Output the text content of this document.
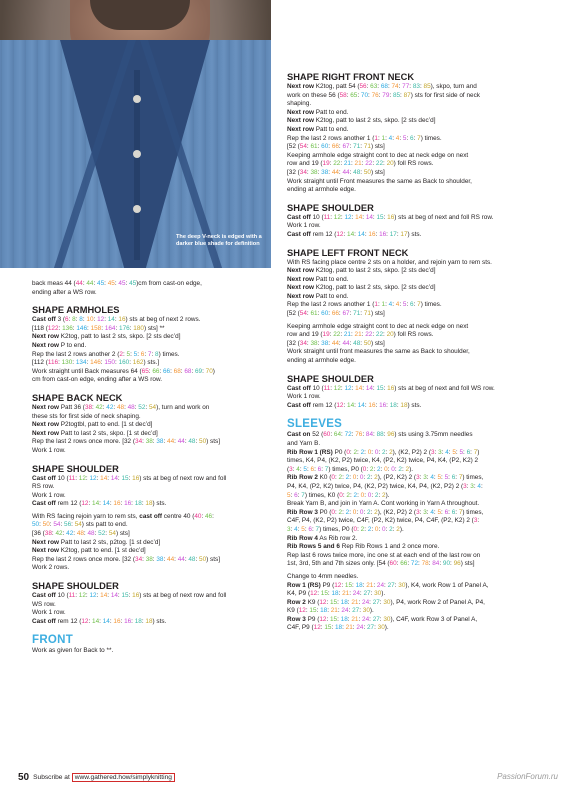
The deep V-neck is edged with a darker blue shade for definition

back meas 44 (44: 44: 45: 45: 45: 45)cm from cast-on edge,
ending after a WS row.

SHAPE ARMHOLES

Cast off 3 (6: 8: 8: 10: 12: 14: 16) sts at beg of next 2 rows.
[118 (122: 136: 146: 158: 164: 176: 180) sts] **
Next row K2tog, patt to last 2 sts, skpo. [2 sts dec’d]
Next row P to end.
Rep the last 2 rows another 2 (2: 5: 5: 6: 7: 8) times.
[112 (116: 130: 134: 146: 150: 160: 162) sts.]
Work straight until Back measures 64 (65: 66: 66: 68: 68: 69: 70)
cm from cast-on edge, ending after a WS row.

SHAPE BACK NECK

Next row Patt 36 (38: 42: 42: 48: 48: 52: 54), turn and work on
these sts for first side of neck shaping.
Next row P2togtbl, patt to end. [1 st dec’d]
Next row Patt to last 2 sts, skpo. [1 st dec’d]
Rep the last 2 rows once more. [32 (34: 38: 38: 44: 44: 48: 50) sts]
Work 1 row.

SHAPE SHOULDER

Cast off 10 (11: 12: 12: 14: 14: 15: 16) sts at beg of next row and foll
RS row.
Work 1 row.
Cast off rem 12 (12: 14: 14: 16: 16: 18: 18) sts.

With RS facing rejoin yarn to rem sts, cast off centre 40 (40: 46:
50: 50: 54: 56: 54) sts patt to end.
[36 (38: 42: 42: 48: 48: 52: 54) sts]
Next row Patt to last 2 sts, p2tog. [1 st dec’d]
Next row K2tog, patt to end. [1 st dec’d]
Rep the last 2 rows once more. [32 (34: 38: 38: 44: 44: 48: 50) sts]
Work 2 rows.

SHAPE SHOULDER

Cast off 10 (11: 12: 12: 14: 14: 15: 16) sts at beg of next row and foll
WS row.
Work 1 row.
Cast off rem 12 (12: 14: 14: 16: 16: 18: 18) sts.

FRONT

Work as given for Back to **.

SHAPE RIGHT FRONT NECK

Next row K2tog, patt 54 (56: 63: 68: 74: 77: 83: 85), skpo, turn and
work on these 56 (58: 65: 70: 76: 79: 85: 87) sts for first side of neck
shaping.
Next row Patt to end.
Next row K2tog, patt to last 2 sts, skpo. [2 sts dec’d]
Next row Patt to end.
Rep the last 2 rows another 1 (1: 1: 4: 4: 5: 6: 7) times.
[52 (54: 61: 60: 66: 67: 71: 71) sts]
Keeping armhole edge straight cont to dec at neck edge on next
row and 19 (19: 22: 21: 21: 22: 22: 20) foll RS rows.
[32 (34: 38: 38: 44: 44: 48: 50) sts]
Work straight until Front measures the same as Back to shoulder,
ending at armhole edge.

SHAPE SHOULDER

Cast off 10 (11: 12: 12: 14: 14: 15: 16) sts at beg of next and foll RS row.
Work 1 row.
Cast off rem 12 (12: 14: 14: 16: 16: 17: 17) sts.

SHAPE LEFT FRONT NECK

With RS facing place centre 2 sts on a holder, and rejoin yarn to rem sts.
Next row K2tog, patt to last 2 sts, skpo. [2 sts dec’d]
Next row Patt to end.
Next row K2tog, patt to last 2 sts, skpo. [2 sts dec’d]
Next row Patt to end.
Rep the last 2 rows another 1 (1: 1: 4: 4: 5: 6: 7) times.
[52 (54: 61: 60: 66: 67: 71: 71) sts]

Keeping armhole edge straight cont to dec at neck edge on next
row and 19 (19: 22: 21: 21: 22: 22: 20) foll RS rows.
[32 (34: 38: 38: 44: 44: 48: 50) sts]
Work straight until front measures the same as Back to shoulder,
ending at armhole edge.

SHAPE SHOULDER

Cast off 10 (11: 12: 12: 14: 14: 15: 16) sts at beg of next and foll WS row.
Work 1 row.
Cast off rem 12 (12: 14: 14: 16: 16: 18: 18) sts.

SLEEVES

Cast on 52 (60: 64: 72: 76: 84: 88: 96) sts using 3.75mm needles
and Yarn B.
Rib Row 1 (RS) P0 (0: 2: 2: 0: 0: 2: 2), (K2, P2) 2 (3: 3: 4: 5: 5: 6: 7)
times, K4, P4, (K2, P2) twice, K4, (P2, K2) twice, P4, K4, (P2, K2) 2
(3: 4: 5: 6: 6: 7) times, P0 (0: 2: 2: 0: 0: 2: 2).
Rib Row 2 K0 (0: 2: 2: 0: 0: 2: 2), (P2, K2) 2 (3: 3: 4: 5: 5: 6: 7) times,
P4, K4, (P2, K2) twice, P4, (K2, P2) twice, K4, P4, (K2, P2) 2 (3: 3: 4:
5: 6: 7) times, K0 (0: 2: 2: 0: 0: 2: 2).
Break Yarn B, and join in Yarn A. Cont working in Yarn A throughout.
Rib Row 3 P0 (0: 2: 2: 0: 0: 2: 2), (K2, P2) 2 (3: 3: 4: 5: 6: 6: 7) times,
C4F, P4, (K2, P2) twice, C4F, (P2, K2) twice, P4, C4F, (P2, K2) 2 (3:
3: 4: 5: 6: 7) times, P0 (0: 2: 2: 0: 0: 2: 2).
Rib Row 4 As Rib row 2.
Rib Rows 5 and 6 Rep Rib Rows 1 and 2 once more.
Rep last 6 rows twice more, inc one st at each end of the last row on
1st, 3rd, 5th and 7th sizes only. [54 (60: 66: 72: 78: 84: 90: 96) sts]

Change to 4mm needles.
Row 1 (RS) P9 (12: 15: 18: 21: 24: 27: 30), K4, work Row 1 of Panel A,
K4, P9 (12: 15: 18: 21: 24: 27: 30).
Row 2 K9 (12: 15: 18: 21: 24: 27: 30), P4, work Row 2 of Panel A, P4,
K9 (12: 15: 18: 21: 24: 27: 30).
Row 3 P9 (12: 15: 18: 21: 24: 27: 30), C4F, work Row 3 of Panel A,
C4F, P9 (12: 15: 18: 21: 24: 27: 30).

50 Subscribe at www.gathered.how/simplyknitting	PassionForum.ru
